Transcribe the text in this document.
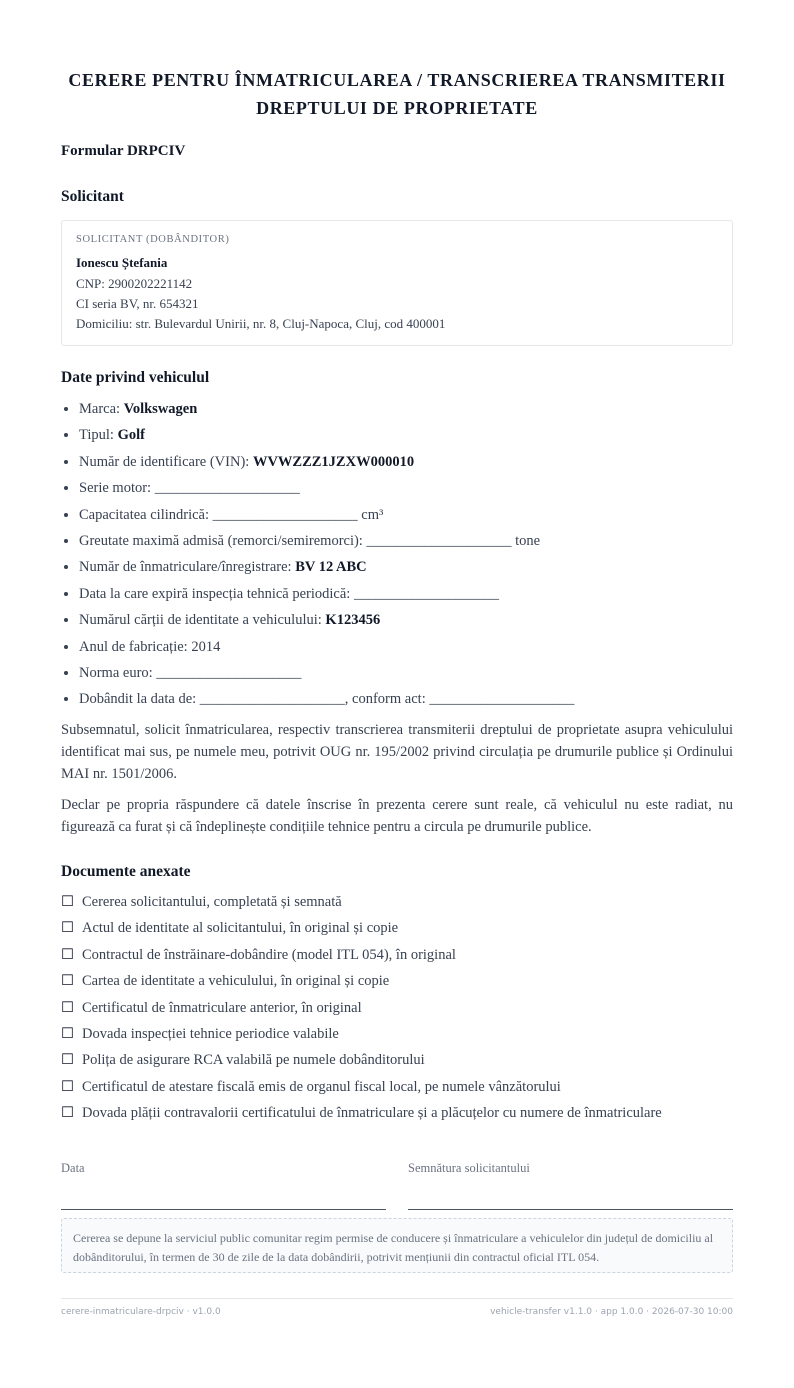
CERERE PENTRU ÎNMATRICULAREA / TRANSCRIEREA TRANSMITERII
DREPTULUI DE PROPRIETATE
Formular DRPCIV
Solicitant
SOLICITANT (DOBÂNDITOR)
Ionescu Ștefania
CNP: 2900202221142
CI seria BV, nr. 654321
Domiciliu: str. Bulevardul Unirii, nr. 8, Cluj-Napoca, Cluj, cod 400001
Date privind vehiculul
• Marca: Volkswagen
• Tipul: Golf
• Număr de identificare (VIN): WVWZZZ1JZXW000010
• Serie motor: ____________________
• Capacitatea cilindrică: ____________________ cm³
• Greutate maximă admisă (remorci/semiremorci): ____________________ tone
• Număr de înmatriculare/înregistrare: BV 12 ABC
• Data la care expiră inspecția tehnică periodică: ____________________
• Numărul cărții de identitate a vehiculului: K123456
• Anul de fabricație: 2014
• Norma euro: ____________________
• Dobândit la data de: ____________________, conform act: ____________________

Subsemnatul, solicit înmatricularea, respectiv transcrierea transmiterii dreptului de proprietate asupra vehiculului identificat mai sus, pe numele meu, potrivit OUG nr. 195/2002 privind circulația pe drumurile publice și Ordinului MAI nr. 1501/2006.

Declar pe propria răspundere că datele înscrise în prezenta cerere sunt reale, că vehiculul nu este radiat, nu figurează ca furat și că îndeplinește condițiile tehnice pentru a circula pe drumurile publice.

Documente anexate
☐ Cererea solicitantului, completată și semnată
☐ Actul de identitate al solicitantului, în original și copie
☐ Contractul de înstrăinare-dobândire (model ITL 054), în original
☐ Cartea de identitate a vehiculului, în original și copie
☐ Certificatul de înmatriculare anterior, în original
☐ Dovada inspecției tehnice periodice valabile
☐ Polița de asigurare RCA valabilă pe numele dobânditorului
☐ Certificatul de atestare fiscală emis de organul fiscal local, pe numele vânzătorului
☐ Dovada plății contravalorii certificatului de înmatriculare și a plăcuțelor cu numere de înmatriculare
Data	Semnătura solicitantului
Cererea se depune la serviciul public comunitar regim permise de conducere și înmatriculare a vehiculelor din județul de domiciliu al dobânditorului, în termen de 30 de zile de la data dobândirii, potrivit mențiunii din contractul oficial ITL 054.
cerere-inmatriculare-drpciv · v1.0.0	vehicle-transfer v1.1.0 · app 1.0.0 · 2026-07-30 10:00
